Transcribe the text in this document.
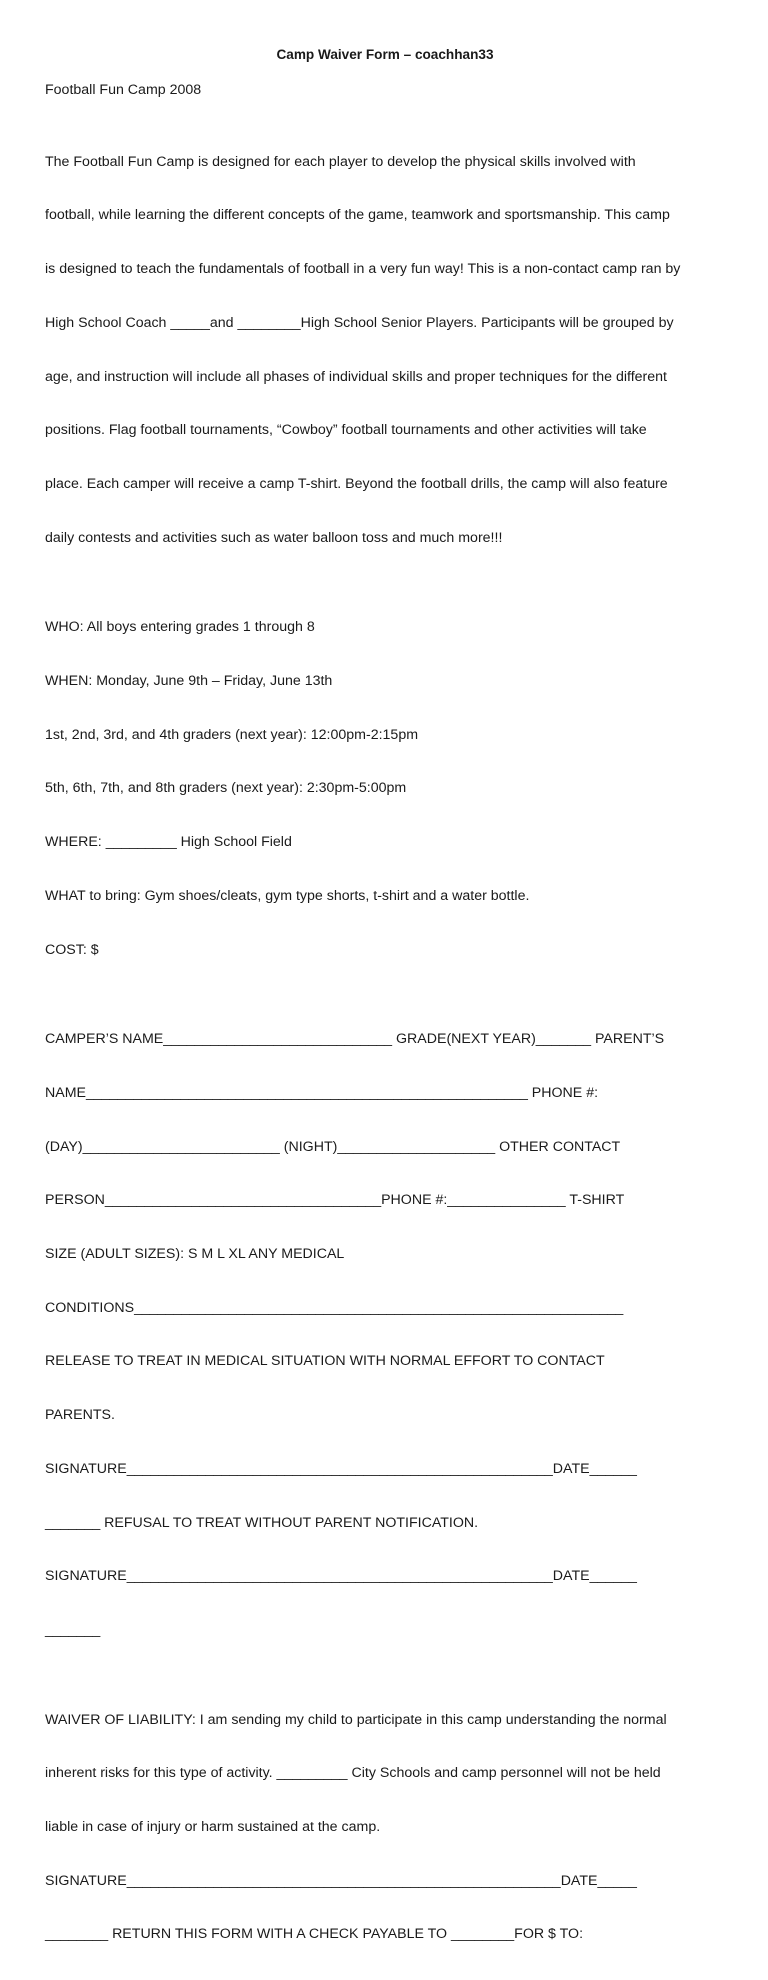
Camp Waiver Form – coachhan33
Football Fun Camp 2008

The Football Fun Camp is designed for each player to develop the physical skills involved with

football, while learning the different concepts of the game, teamwork and sportsmanship. This camp

is designed to teach the fundamentals of football in a very fun way! This is a non-contact camp ran by

High School Coach _____and ________High School Senior Players. Participants will be grouped by

age, and instruction will include all phases of individual skills and proper techniques for the different

positions. Flag football tournaments, “Cowboy” football tournaments and other activities will take

place. Each camper will receive a camp T-shirt. Beyond the football drills, the camp will also feature

daily contests and activities such as water balloon toss and much more!!!

WHO: All boys entering grades 1 through 8

WHEN: Monday, June 9th – Friday, June 13th

1st, 2nd, 3rd, and 4th graders (next year): 12:00pm-2:15pm

5th, 6th, 7th, and 8th graders (next year): 2:30pm-5:00pm

WHERE: _________ High School Field

WHAT to bring: Gym shoes/cleats, gym type shorts, t-shirt and a water bottle.

COST: $

CAMPER’S NAME_____________________________ GRADE(NEXT YEAR)_______ PARENT’S

NAME________________________________________________________ PHONE #:

(DAY)_________________________ (NIGHT)____________________ OTHER CONTACT

PERSON___________________________________PHONE #:_______________ T-SHIRT

SIZE (ADULT SIZES): S M L XL ANY MEDICAL

CONDITIONS______________________________________________________________

RELEASE TO TREAT IN MEDICAL SITUATION WITH NORMAL EFFORT TO CONTACT

PARENTS.

SIGNATURE______________________________________________________DATE______

_______ REFUSAL TO TREAT WITHOUT PARENT NOTIFICATION.

SIGNATURE______________________________________________________DATE______

_______

WAIVER OF LIABILITY: I am sending my child to participate in this camp understanding the normal

inherent risks for this type of activity. _________ City Schools and camp personnel will not be held

liable in case of injury or harm sustained at the camp.

SIGNATURE_______________________________________________________DATE_____

________ RETURN THIS FORM WITH A CHECK PAYABLE TO ________FOR $ TO:
